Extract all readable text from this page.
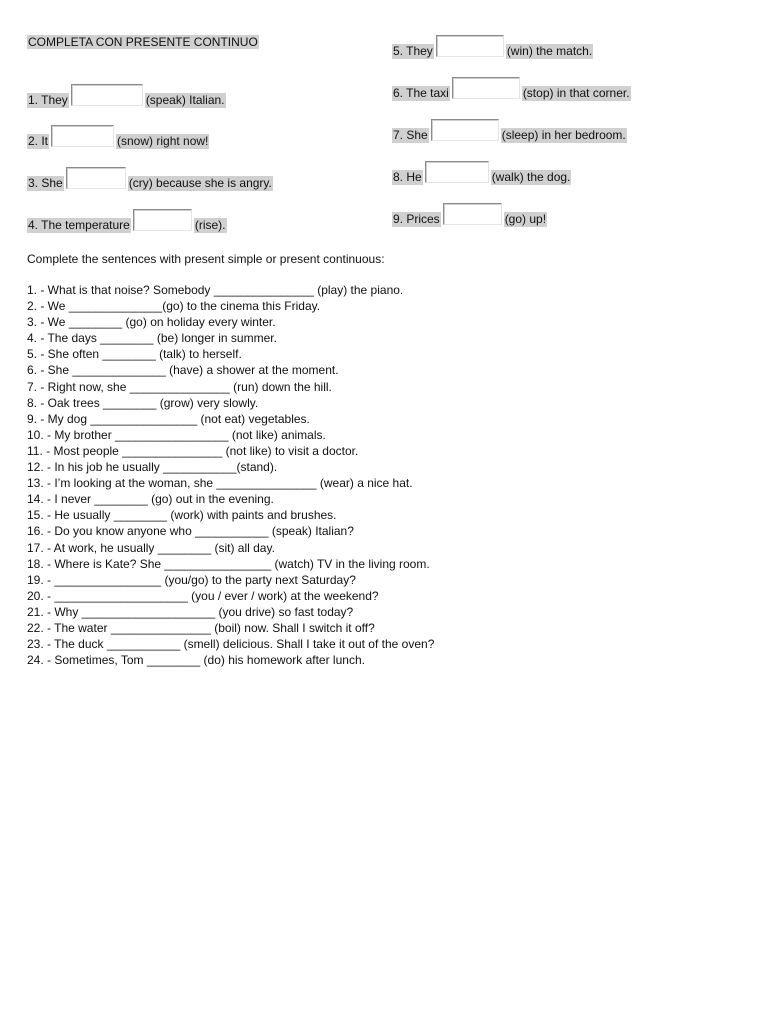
COMPLETA CON PRESENTE CONTINUO
1. They	(speak) Italian.
2. It	(snow) right now!
3. She	(cry) because she is angry.
4. The temperature	(rise).
5. They	(win) the match.
6. The taxi	(stop) in that corner.
7. She	(sleep) in her bedroom.
8. He	(walk) the dog.
9. Prices	(go) up!
Complete the sentences with present simple or present continuous:
1. - What is that noise? Somebody _______________ (play) the piano.
2. - We ______________(go) to the cinema this Friday.
3. - We ________ (go) on holiday every winter.
4. - The days ________ (be) longer in summer.
5. - She often ________ (talk) to herself.
6. - She ______________ (have) a shower at the moment.
7. - Right now, she _______________ (run) down the hill.
8. - Oak trees ________ (grow) very slowly.
9. - My dog ________________ (not eat) vegetables.
10. - My brother _________________ (not like) animals.
11. - Most people _______________ (not like) to visit a doctor.
12. - In his job he usually ___________(stand).
13. - I’m looking at the woman, she _______________ (wear) a nice hat.
14. - I never ________ (go) out in the evening.
15. - He usually ________ (work) with paints and brushes.
16. - Do you know anyone who ___________ (speak) Italian?
17. - At work, he usually ________ (sit) all day.
18. - Where is Kate? She ________________ (watch) TV in the living room.
19. - ________________ (you/go) to the party next Saturday?
20. - ____________________ (you / ever / work) at the weekend?
21. - Why ____________________ (you drive) so fast today?
22. - The water _______________ (boil) now. Shall I switch it off?
23. - The duck ___________ (smell) delicious. Shall I take it out of the oven?
24. - Sometimes, Tom ________ (do) his homework after lunch.
